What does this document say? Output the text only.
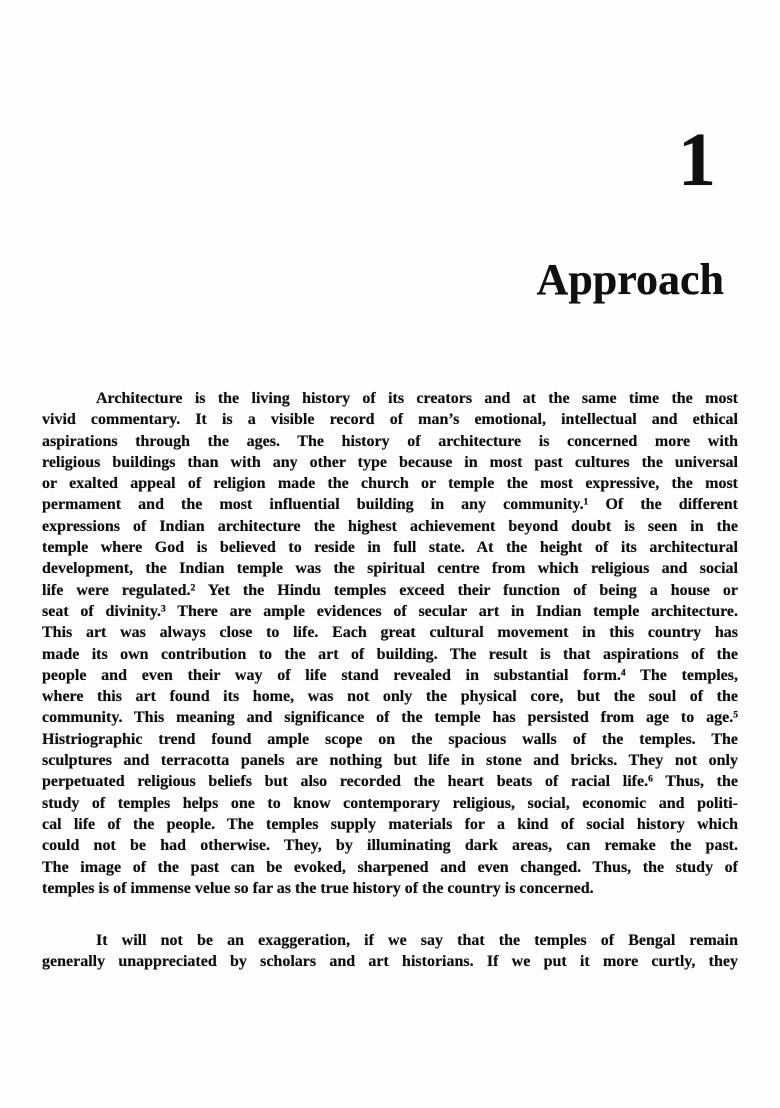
1
Approach
Architecture is the living history of its creators and at the same time the most
vivid commentary. It is a visible record of man’s emotional, intellectual and ethical
aspirations through the ages. The history of architecture is concerned more with
religious buildings than with any other type because in most past cultures the universal
or exalted appeal of religion made the church or temple the most expressive, the most
permament and the most influential building in any community.¹ Of the different
expressions of Indian architecture the highest achievement beyond doubt is seen in the
temple where God is believed to reside in full state. At the height of its architectural
development, the Indian temple was the spiritual centre from which religious and social
life were regulated.² Yet the Hindu temples exceed their function of being a house or
seat of divinity.³ There are ample evidences of secular art in Indian temple architecture.
This art was always close to life. Each great cultural movement in this country has
made its own contribution to the art of building. The result is that aspirations of the
people and even their way of life stand revealed in substantial form.⁴ The temples,
where this art found its home, was not only the physical core, but the soul of the
community. This meaning and significance of the temple has persisted from age to age.⁵
Histriographic trend found ample scope on the spacious walls of the temples. The
sculptures and terracotta panels are nothing but life in stone and bricks. They not only
perpetuated religious beliefs but also recorded the heart beats of racial life.⁶ Thus, the
study of temples helps one to know contemporary religious, social, economic and politi-
cal life of the people. The temples supply materials for a kind of social history which
could not be had otherwise. They, by illuminating dark areas, can remake the past.
The image of the past can be evoked, sharpened and even changed. Thus, the study of
temples is of immense velue so far as the true history of the country is concerned.
It will not be an exaggeration, if we say that the temples of Bengal remain
generally unappreciated by scholars and art historians. If we put it more curtly, they
